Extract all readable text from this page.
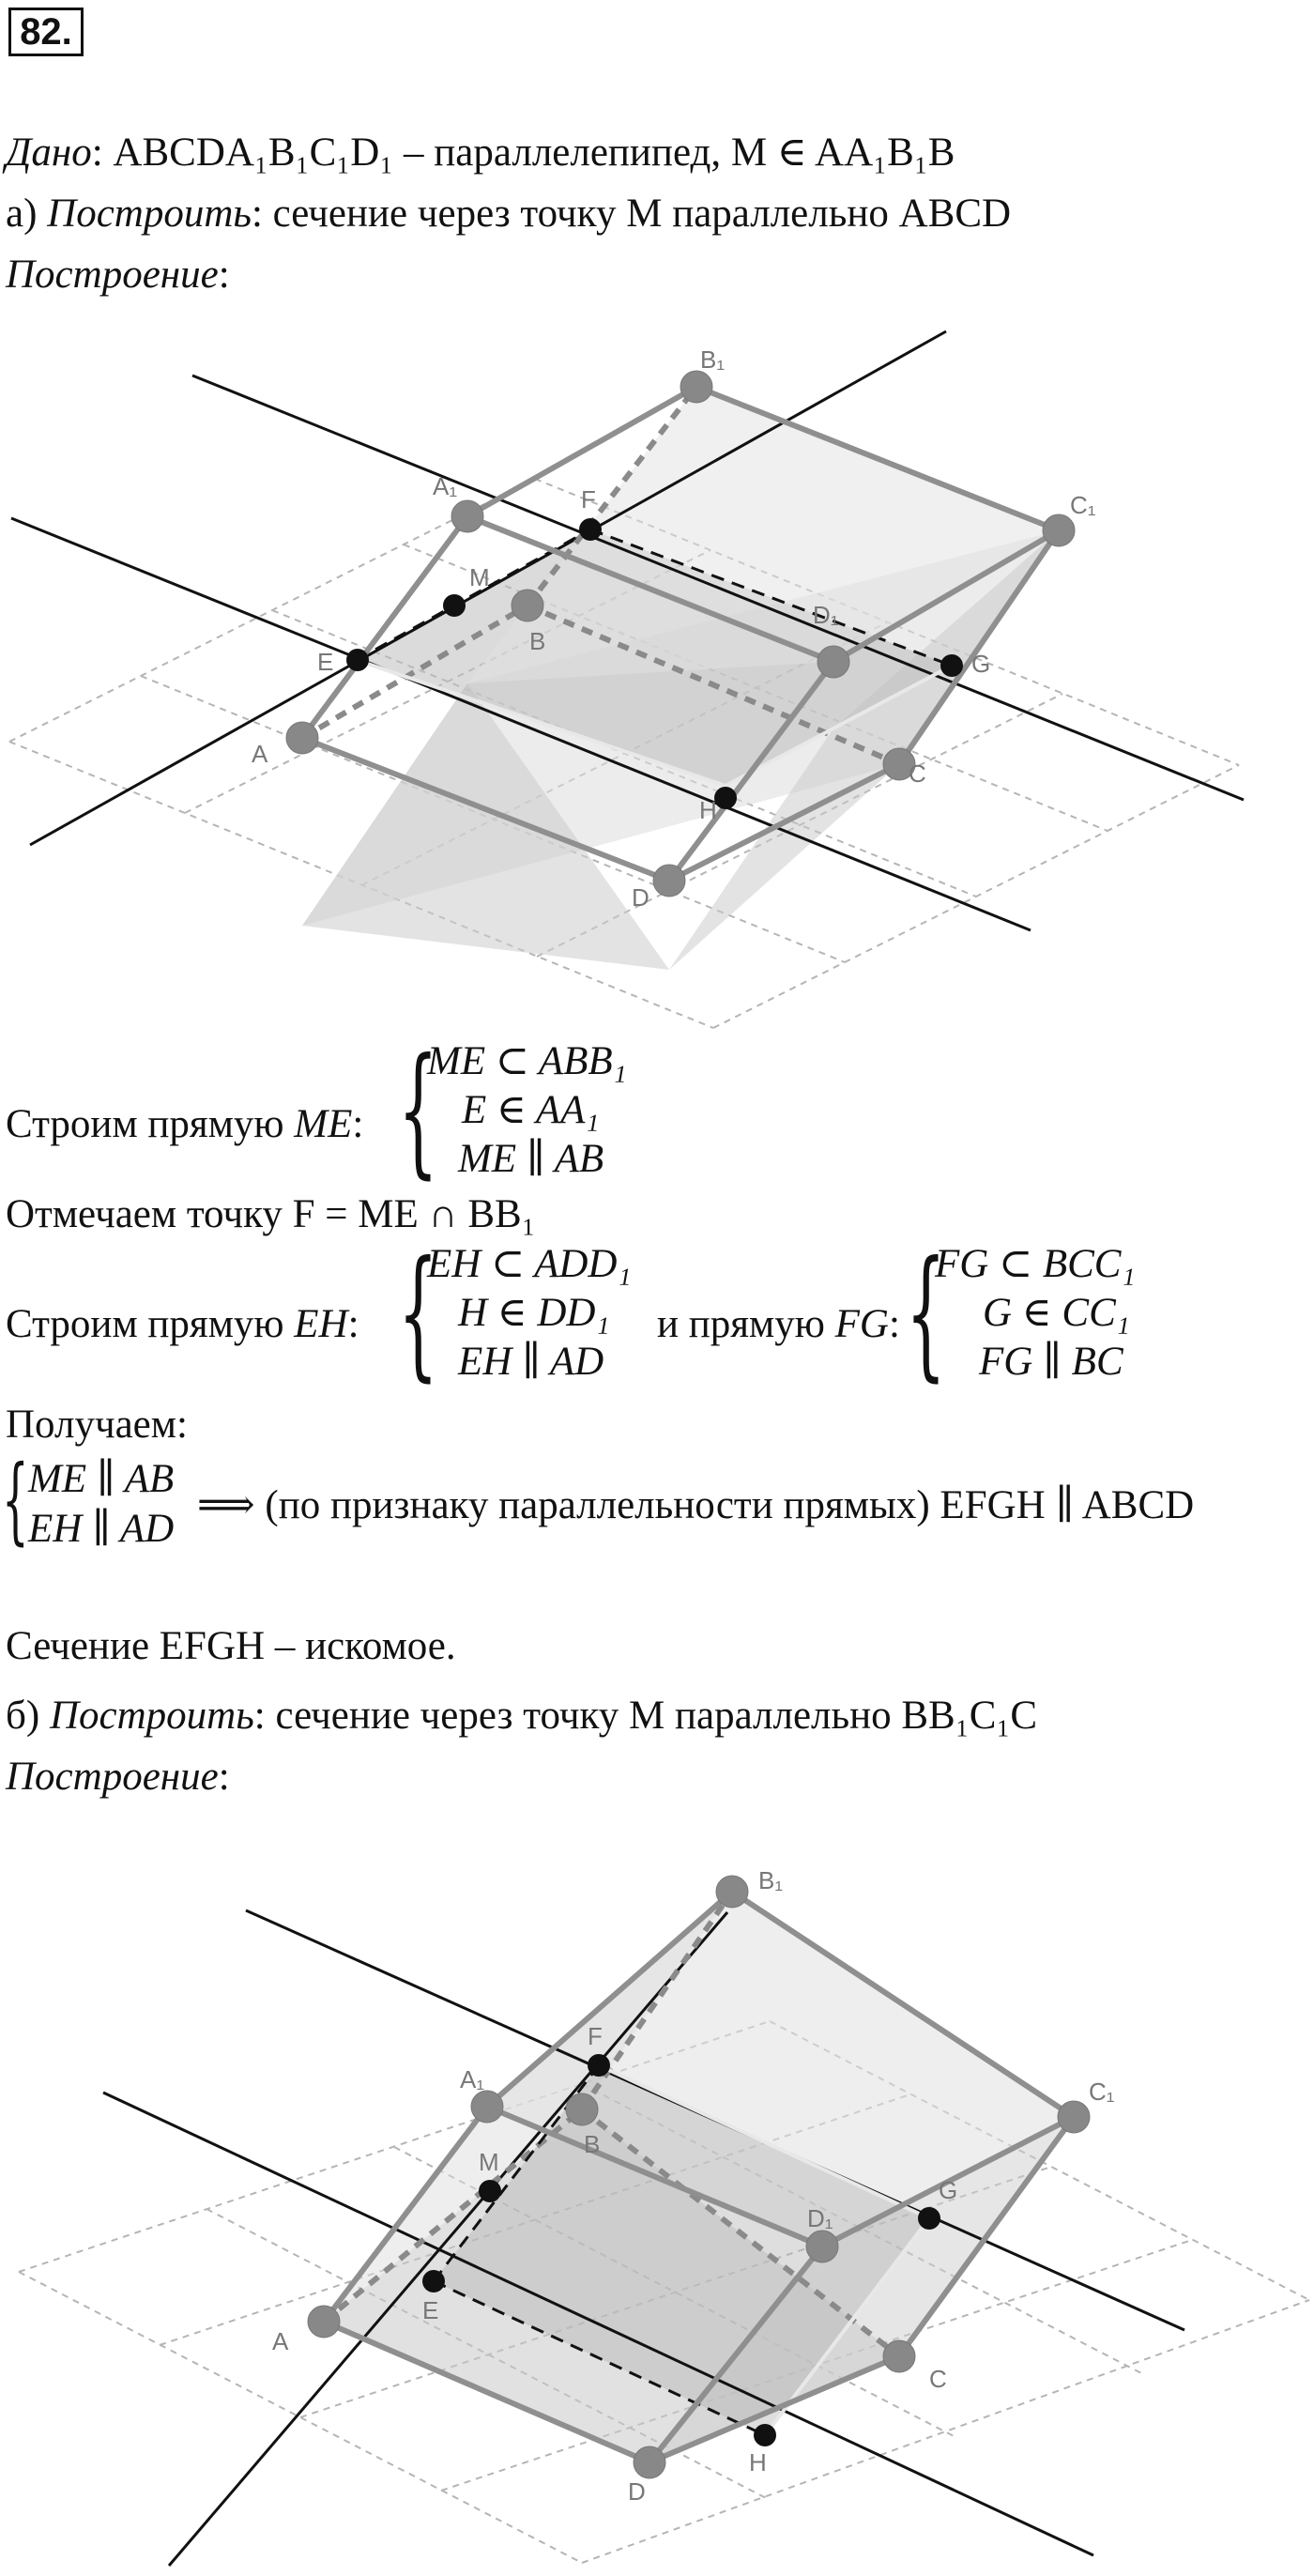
82.
Дано: ABCDA₁B₁C₁D₁ – параллелепипед, M ∈ AA₁B₁B
а) Построить: сечение через точку M параллельно ABCD
Построение:
A
B
C
D
A₁
B₁
C₁
D₁
M
E
F
G
H
Строим прямую ME: {
ME ⊂ ABB₁
E ∈ AA₁
ME ∥ AB
Отмечаем точку F = ME ∩ BB₁
Строим прямую EH: {
EH ⊂ ADD₁
H ∈ DD₁
EH ∥ AD
и прямую FG: {
FG ⊂ BCC₁
G ∈ CC₁
FG ∥ BC
Получаем:
{ ME ∥ AB
EH ∥ AD
⟹ (по признаку параллельности прямых) EFGH ∥ ABCD
Сечение EFGH – искомое.
б) Построить: сечение через точку M параллельно BB₁C₁C
Построение:
A
B
C
D
A₁
B₁
C₁
D₁
M
E
F
G
H
